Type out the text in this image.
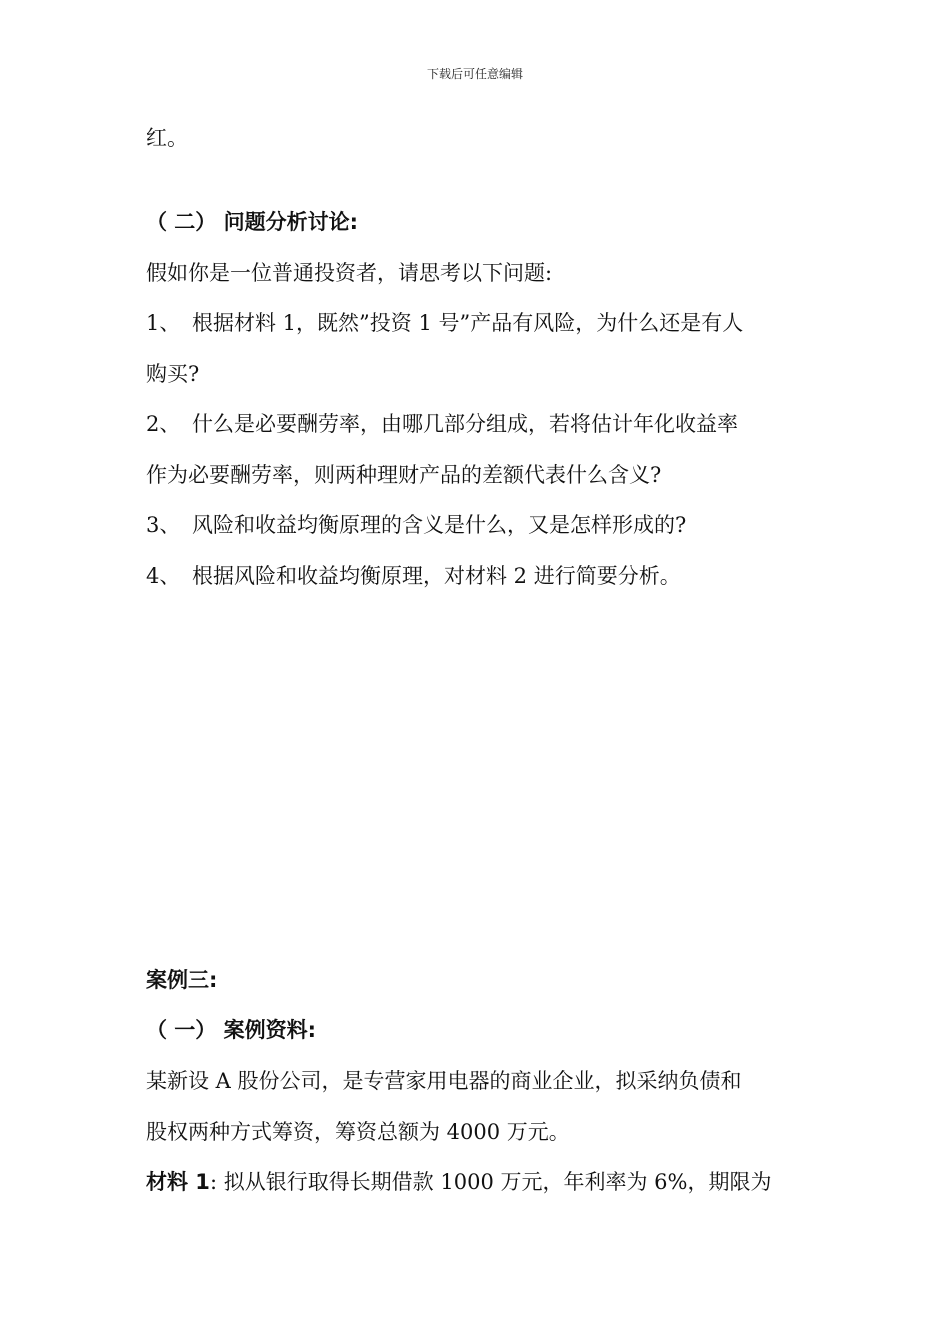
下载后可任意编辑
红。
（ 二） 问题分析讨论:
假如你是一位普通投资者，请思考以下问题:
1、 根据材料 1，既然”投资 1 号”产品有风险，为什么还是有人
购买?
2、 什么是必要酬劳率，由哪几部分组成，若将估计年化收益率
作为必要酬劳率，则两种理财产品的差额代表什么含义?
3、 风险和收益均衡原理的含义是什么，又是怎样形成的?
4、 根据风险和收益均衡原理，对材料 2 进行简要分析。
案例三:
（ 一） 案例资料:
某新设 A 股份公司，是专营家用电器的商业企业，拟采纳负债和
股权两种方式筹资，筹资总额为 4000 万元。
材料 1: 拟从银行取得长期借款 1000 万元，年利率为 6%，期限为
